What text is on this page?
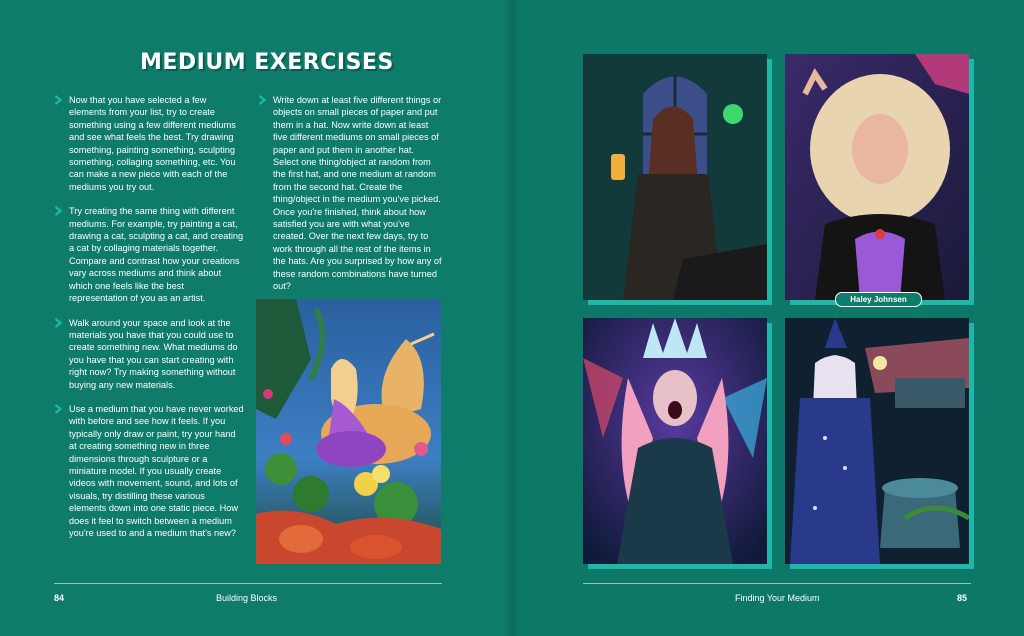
MEDIUM EXERCISES
Now that you have selected a few elements from your list, try to create something using a few different mediums and see what feels the best. Try drawing something, painting something, sculpting something, collaging something, etc. You can make a new piece with each of the mediums you try out.
Try creating the same thing with different mediums. For example, try painting a cat, drawing a cat, sculpting a cat, and creating a cat by collaging materials together. Compare and contrast how your creations vary across mediums and think about which one feels like the best representation of you as an artist.
Walk around your space and look at the materials you have that you could use to create something new. What mediums do you have that you can start creating with right now? Try making something without buying any new materials.
Use a medium that you have never worked with before and see how it feels. If you typically only draw or paint, try your hand at creating something new in three dimensions through sculpture or a miniature model. If you usually create videos with movement, sound, and lots of visuals, try distilling these various elements down into one static piece. How does it feel to switch between a medium you're used to and a medium that's new?
Write down at least five different things or objects on small pieces of paper and put them in a hat. Now write down at least five different mediums on small pieces of paper and put them in another hat. Select one thing/object at random from the first hat, and one medium at random from the second hat. Create the thing/object in the medium you've picked. Once you're finished, think about how satisfied you are with what you've created. Over the next few days, try to work through all the rest of the items in the hats. Are you surprised by how any of these random combinations have turned out?
Haley Johnsen
84	Building Blocks	Finding Your Medium	85
